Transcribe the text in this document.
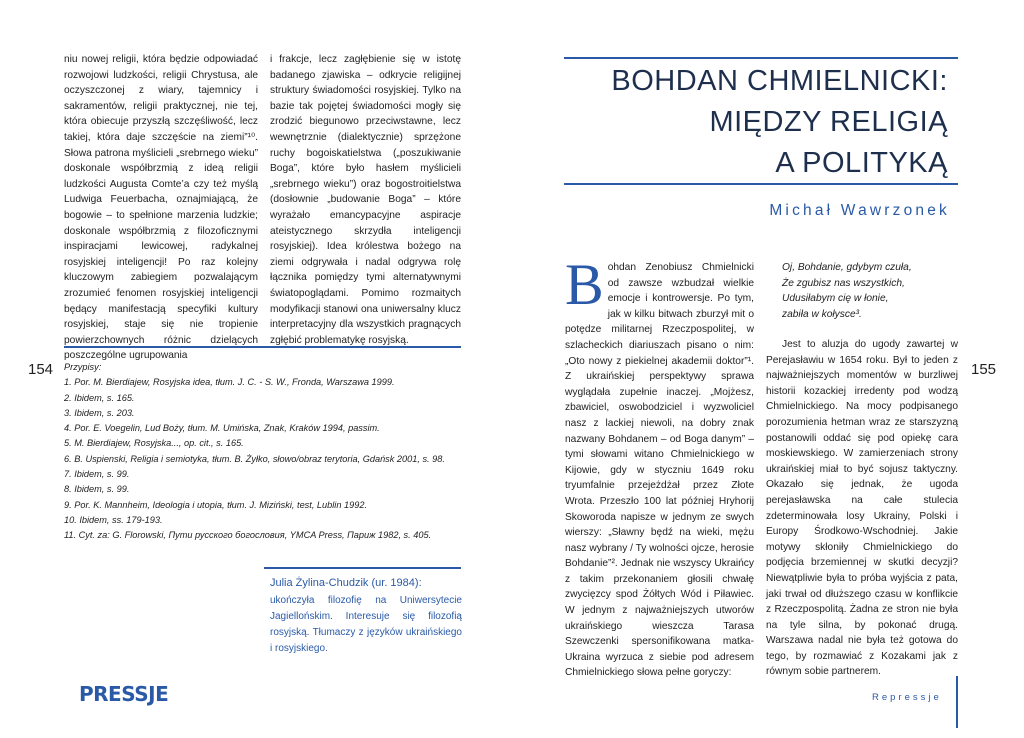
niu nowej religii, która będzie odpowiadać rozwojowi ludzkości, religii Chrystusa, ale oczyszczonej z wiary, tajemnicy i sakramentów, religii praktycznej, nie tej, która obiecuje przyszłą szczęśliwość, lecz takiej, która daje szczęście na ziemi”¹⁰. Słowa patrona myślicieli „srebrnego wieku” doskonale współbrzmią z ideą religii ludzkości Augusta Comte’a czy też myślą Ludwiga Feuerbacha, oznajmiającą, że bogowie – to spełnione marzenia ludzkie; doskonale współbrzmią z filozoficznymi inspiracjami lewicowej, radykalnej rosyjskiej inteligencji! Po raz kolejny kluczowym zabiegiem pozwalającym zrozumieć fenomen rosyjskiej inteligencji będący manifestacją specyfiki kultury rosyjskiej, staje się nie tropienie powierzchownych różnic dzielących poszczególne ugrupowania

i frakcje, lecz zagłębienie się w istotę badanego zjawiska – odkrycie religijnej struktury świadomości rosyjskiej. Tylko na bazie tak pojętej świadomości mogły się zrodzić biegunowo przeciwstawne, lecz wewnętrznie (dialektycznie) sprzężone ruchy bogoiskatielstwa („poszukiwanie Boga”, które było hasłem myślicieli „srebrnego wieku”) oraz bogostroitielstwa (dosłownie „budowanie Boga” – które wyrażało emancypacyjne aspiracje ateistycznego skrzydła inteligencji rosyjskiej). Idea królestwa bożego na ziemi odgrywała i nadal odgrywa rolę łącznika pomiędzy tymi alternatywnymi światopoglądami. Pomimo rozmaitych modyfikacji stanowi ona uniwersalny klucz interpretacyjny dla wszystkich pragnących zgłębić problematykę rosyjską.

154 Przypisy:
1. Por. M. Bierdiajew, Rosyjska idea, tłum. J. C. - S. W., Fronda, Warszawa 1999.
2. Ibidem, s. 165.
3. Ibidem, s. 203.
4. Por. E. Voegelin, Lud Boży, tłum. M. Umińska, Znak, Kraków 1994, passim.
5. M. Bierdiajew, Rosyjska..., op. cit., s. 165.
6. B. Uspienski, Religia i semiotyka, tłum. B. Żyłko, słowo/obraz terytoria, Gdańsk 2001, s. 98.
7. Ibidem, s. 99.
8. Ibidem, s. 99.
9. Por. K. Mannheim, Ideologia i utopia, tłum. J. Miziński, test, Lublin 1992.
10. Ibidem, ss. 179-193.
11. Cyt. za: G. Florowski, Пути русского богословия, YMCA Press, Париж 1982, s. 405.
Julia Żylina-Chudzik (ur. 1984):
ukończyła filozofię na Uniwersytecie Jagiellońskim. Interesuje się filozofią rosyjską. Tłumaczy z języków ukraińskiego i rosyjskiego.
PRESSJE
BOHDAN CHMIELNICKI:
MIĘDZY RELIGIĄ
A POLITYKĄ
Michał Wawrzonek
B ohdan Zenobiusz Chmielnicki od zawsze wzbudzał wielkie emocje i kontrowersje. Po tym, jak w kilku bitwach zburzył mit o potędze militarnej Rzeczpospolitej, w szlacheckich diariuszach pisano o nim: „Oto nowy z piekielnej akademii doktor”¹. Z ukraińskiej perspektywy sprawa wyglądała zupełnie inaczej. „Mojżesz, zbawiciel, oswobodziciel i wyzwoliciel nasz z lackiej niewoli, na dobry znak nazwany Bohdanem – od Boga danym” – tymi słowami witano Chmielnickiego w Kijowie, gdy w styczniu 1649 roku tryumfalnie przejeżdżał przez Złote Wrota. Przeszło 100 lat później Hryhorij Skoworoda napisze w jednym ze swych wierszy: „Sławny będź na wieki, mężu nasz wybrany / Ty wolności ojcze, herosie Bohdanie”². Jednak nie wszyscy Ukraińcy z takim przekonaniem głosili chwałę zwycięzcy spod Żółtych Wód i Piławiec. W jednym z najważniejszych utworów ukraińskiego wieszcza Tarasa Szewczenki spersonifikowana matka-Ukraina wyrzuca z siebie pod adresem Chmielnickiego słowa pełne goryczy:

Oj, Bohdanie, gdybym czuła,
Że zgubisz nas wszystkich,
Udusiłabym cię w łonie,
zabiła w kołysce³.

Jest to aluzja do ugody zawartej w Perejasławiu w 1654 roku. Był to jeden z najważniejszych momentów w burzliwej historii kozackiej irredenty pod wodzą Chmielnickiego. Na mocy podpisanego porozumienia hetman wraz ze starszyzną postanowili oddać się pod opiekę cara moskiewskiego. W zamierzeniach strony ukraińskiej miał to być sojusz taktyczny. Okazało się jednak, że ugoda perejasławska na całe stulecia zdeterminowała losy Ukrainy, Polski i Europy Środkowo-Wschodniej. Jakie motywy skłoniły Chmielnickiego do podjęcia brzemiennej w skutki decyzji? Niewątpliwie była to próba wyjścia z pata, jaki trwał od dłuższego czasu w konflikcie z Rzeczpospolitą. Żadna ze stron nie była na tyle silna, by pokonać drugą. Warszawa nadal nie była też gotowa do tego, by rozmawiać z Kozakami jak z równym sobie partnerem.

155
Repressje
